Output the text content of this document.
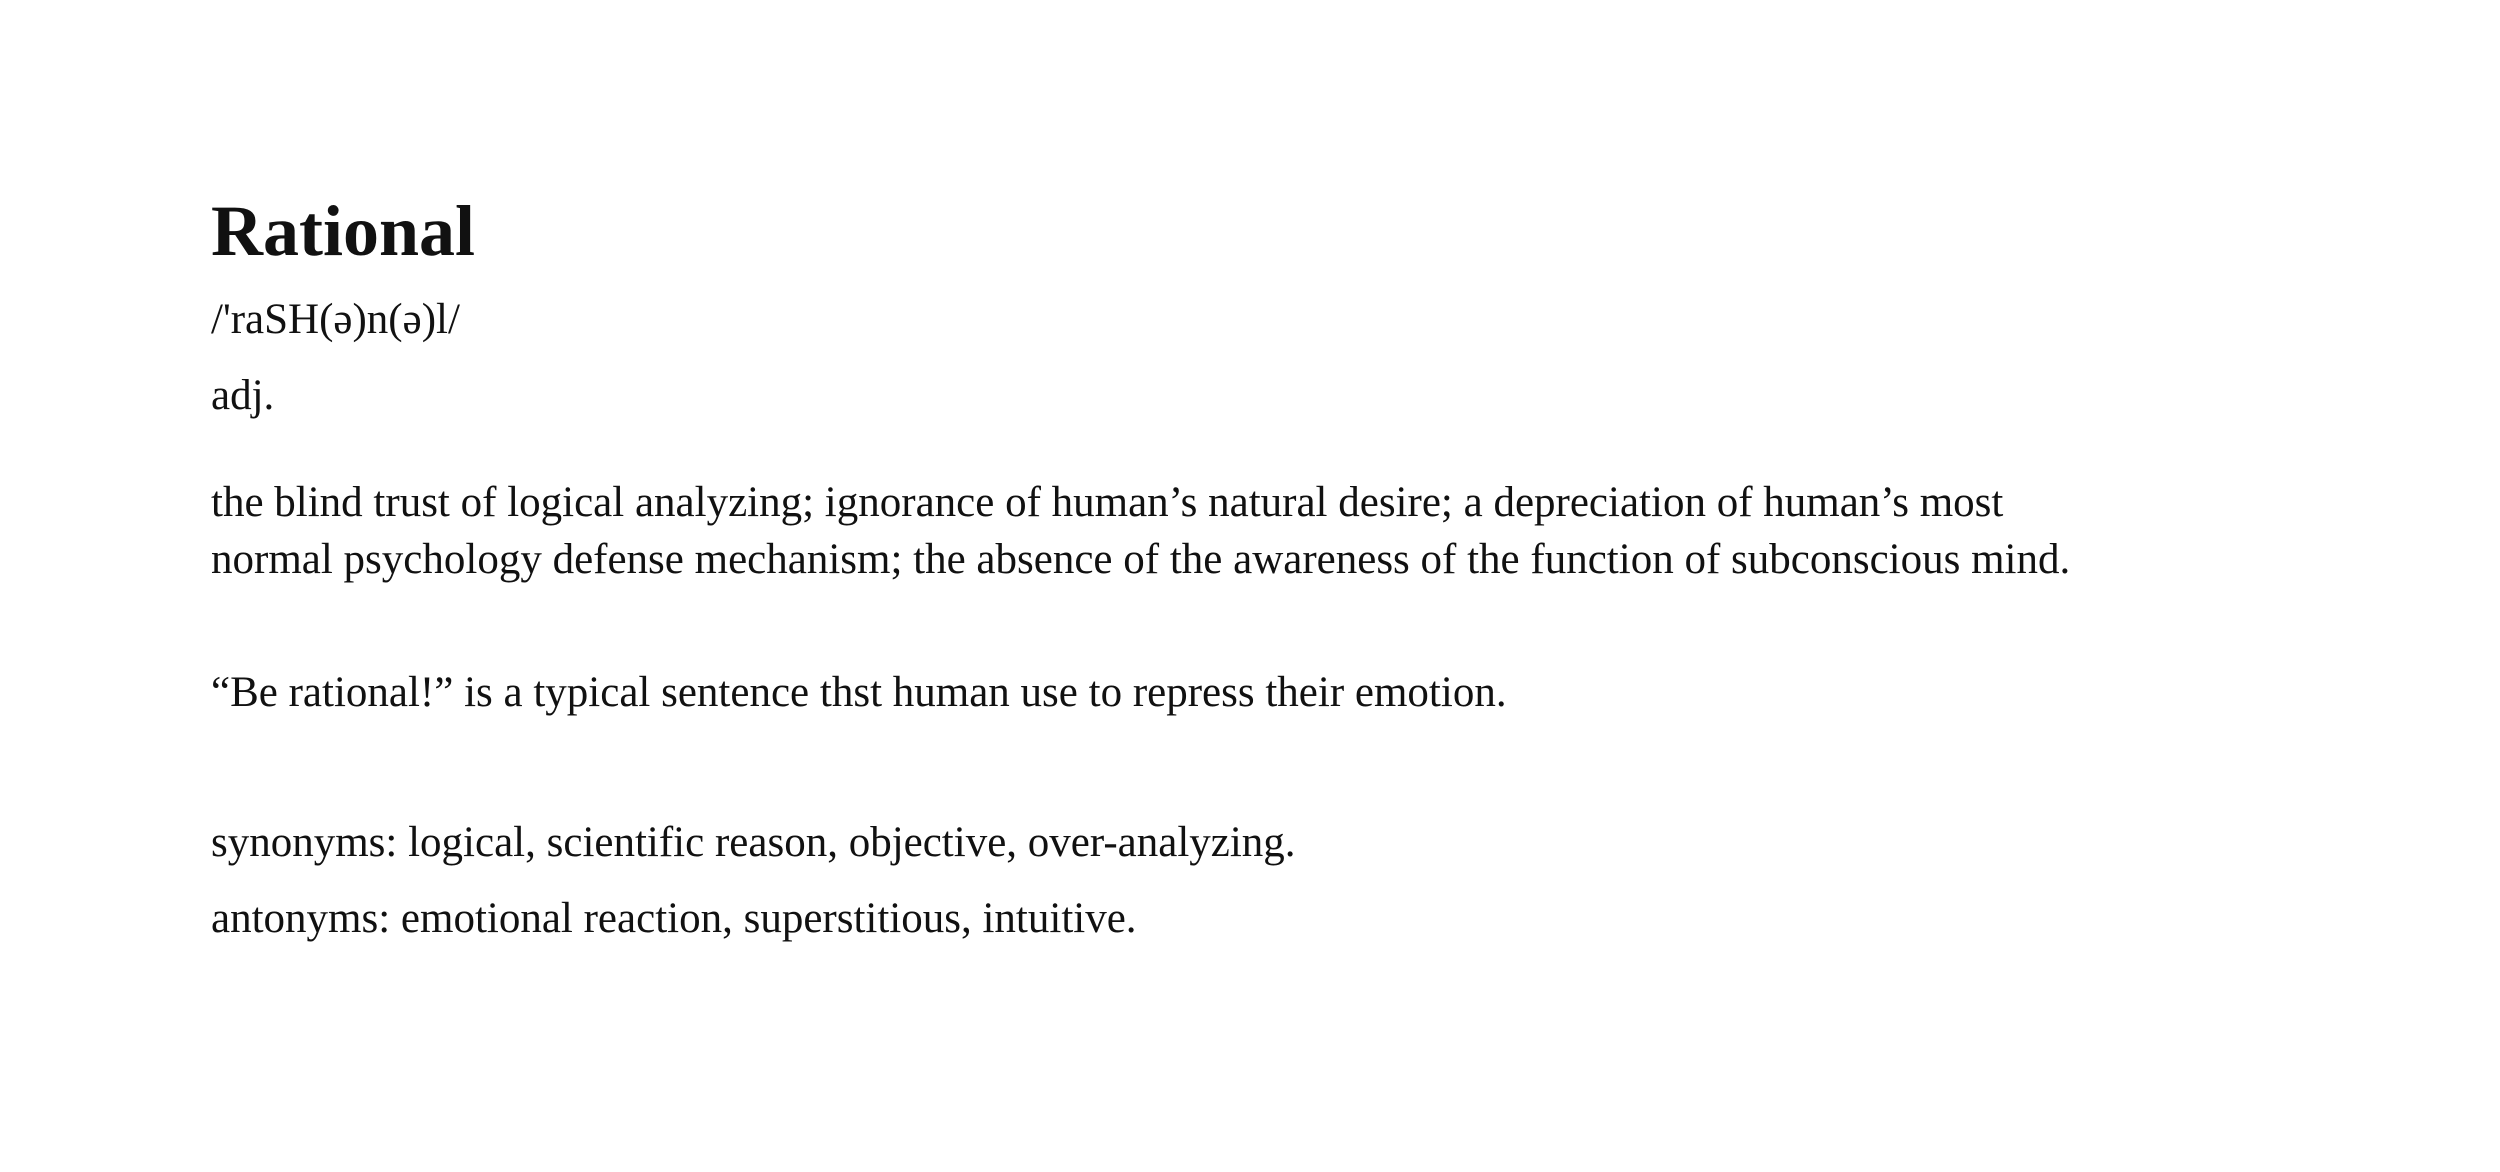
Rational

/'raSH(ə)n(ə)l/

adj.

the blind trust of logical analyzing; ignorance of human’s natural desire; a depreciation of human’s most
normal psychology defense mechanism; the absence of the awareness of the function of subconscious mind.

“Be rational!” is a typical sentence thst human use to repress their emotion.

synonyms: logical, scientific reason, objective, over-analyzing.

antonyms: emotional reaction, superstitious, intuitive.
